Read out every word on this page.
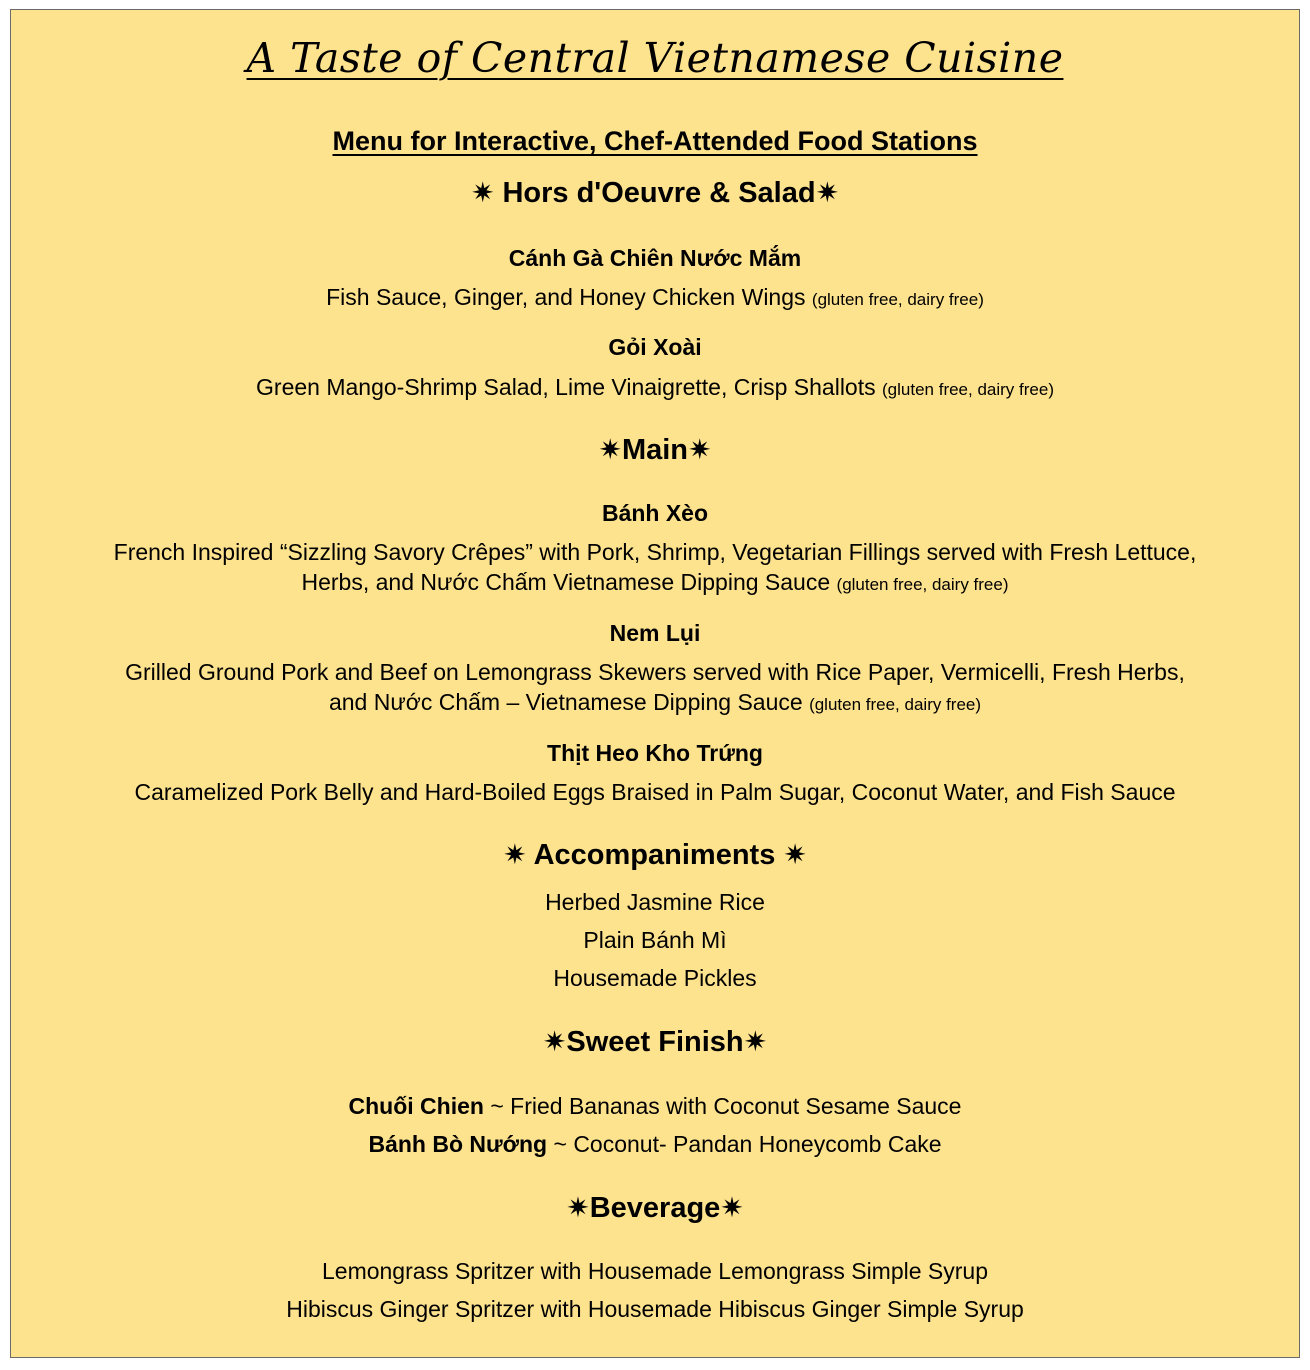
A Taste of Central Vietnamese Cuisine
Menu for Interactive, Chef-Attended Food Stations
✷ Hors d'Oeuvre & Salad✷
Cánh Gà Chiên Nước Mắm
Fish Sauce, Ginger, and Honey Chicken Wings (gluten free, dairy free)
Gỏi Xoài
Green Mango-Shrimp Salad, Lime Vinaigrette, Crisp Shallots (gluten free, dairy free)
✷Main✷
Bánh Xèo
French Inspired “Sizzling Savory Crêpes” with Pork, Shrimp, Vegetarian Fillings served with Fresh Lettuce,
Herbs, and Nước Chấm Vietnamese Dipping Sauce (gluten free, dairy free)
Nem Lụi
Grilled Ground Pork and Beef on Lemongrass Skewers served with Rice Paper, Vermicelli, Fresh Herbs,
and Nước Chấm – Vietnamese Dipping Sauce (gluten free, dairy free)
Thịt Heo Kho Trứng
Caramelized Pork Belly and Hard-Boiled Eggs Braised in Palm Sugar, Coconut Water, and Fish Sauce
✷ Accompaniments ✷
Herbed Jasmine Rice
Plain Bánh Mì
Housemade Pickles
✷Sweet Finish✷
Chuối Chien ~ Fried Bananas with Coconut Sesame Sauce
Bánh Bò Nướng ~ Coconut- Pandan Honeycomb Cake
✷Beverage✷
Lemongrass Spritzer with Housemade Lemongrass Simple Syrup
Hibiscus Ginger Spritzer with Housemade Hibiscus Ginger Simple Syrup
